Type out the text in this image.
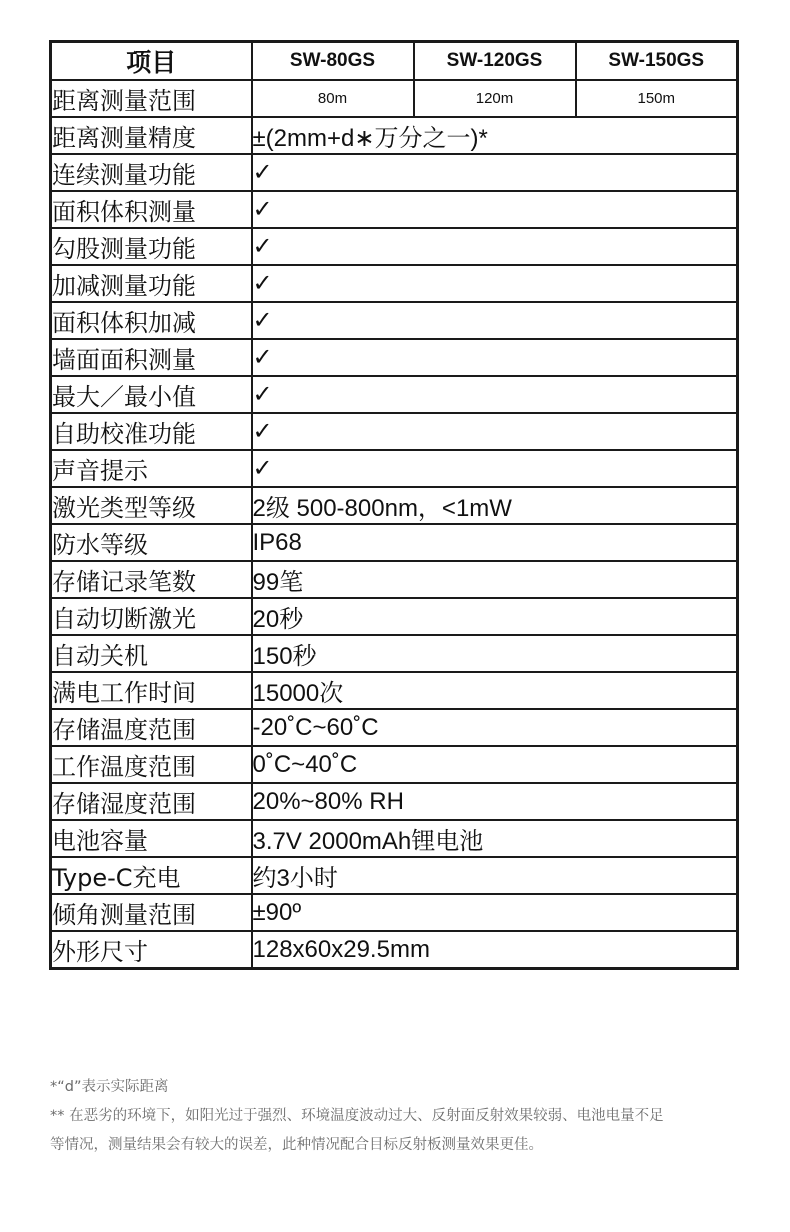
项目	SW-80GS	SW-120GS	SW-150GS
距离测量范围	80m	120m	150m
距离测量精度	±(2mm+d∗万分之一)*		
连续测量功能	✓		
面积体积测量	✓		
勾股测量功能	✓		
加减测量功能	✓		
面积体积加减	✓		
墙面面积测量	✓		
最大／最小值	✓		
自助校准功能	✓		
声音提示	✓		
激光类型等级	2级 500-800nm，<1mW		
防水等级	IP68		
存储记录笔数	99笔		
自动切断激光	20秒		
自动关机	150秒		
满电工作时间	15000次		
存储温度范围	-20˚C~60˚C		
工作温度范围	0˚C~40˚C		
存储湿度范围	20%~80% RH		
电池容量	3.7V 2000mAh锂电池		
Type-C充电	约3小时		
倾角测量范围	±90º		
外形尺寸	128x60x29.5mm		

*“d”表示实际距离

** 在恶劣的环境下，如阳光过于强烈、环境温度波动过大、反射面反射效果较弱、电池电量不足

等情况，测量结果会有较大的误差，此种情况配合目标反射板测量效果更佳。
